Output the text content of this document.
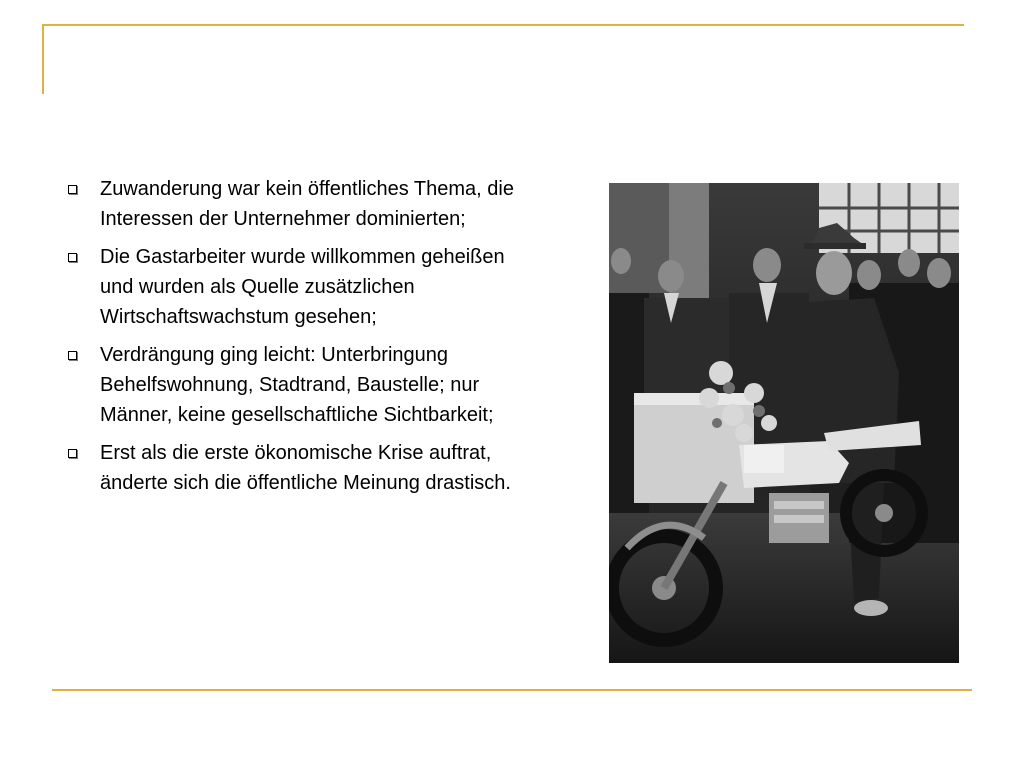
Zuwanderung war kein öffentliches Thema, die Interessen der Unternehmer dominierten;
Die Gastarbeiter wurde willkommen geheißen und wurden als Quelle zusätzlichen Wirtschaftswachstum gesehen;
Verdrängung ging leicht: Unterbringung Behelfswohnung, Stadtrand, Baustelle; nur Männer, keine gesellschaftliche Sichtbarkeit;
Erst als die erste ökonomische Krise auftrat, änderte sich die öffentliche Meinung drastisch.
